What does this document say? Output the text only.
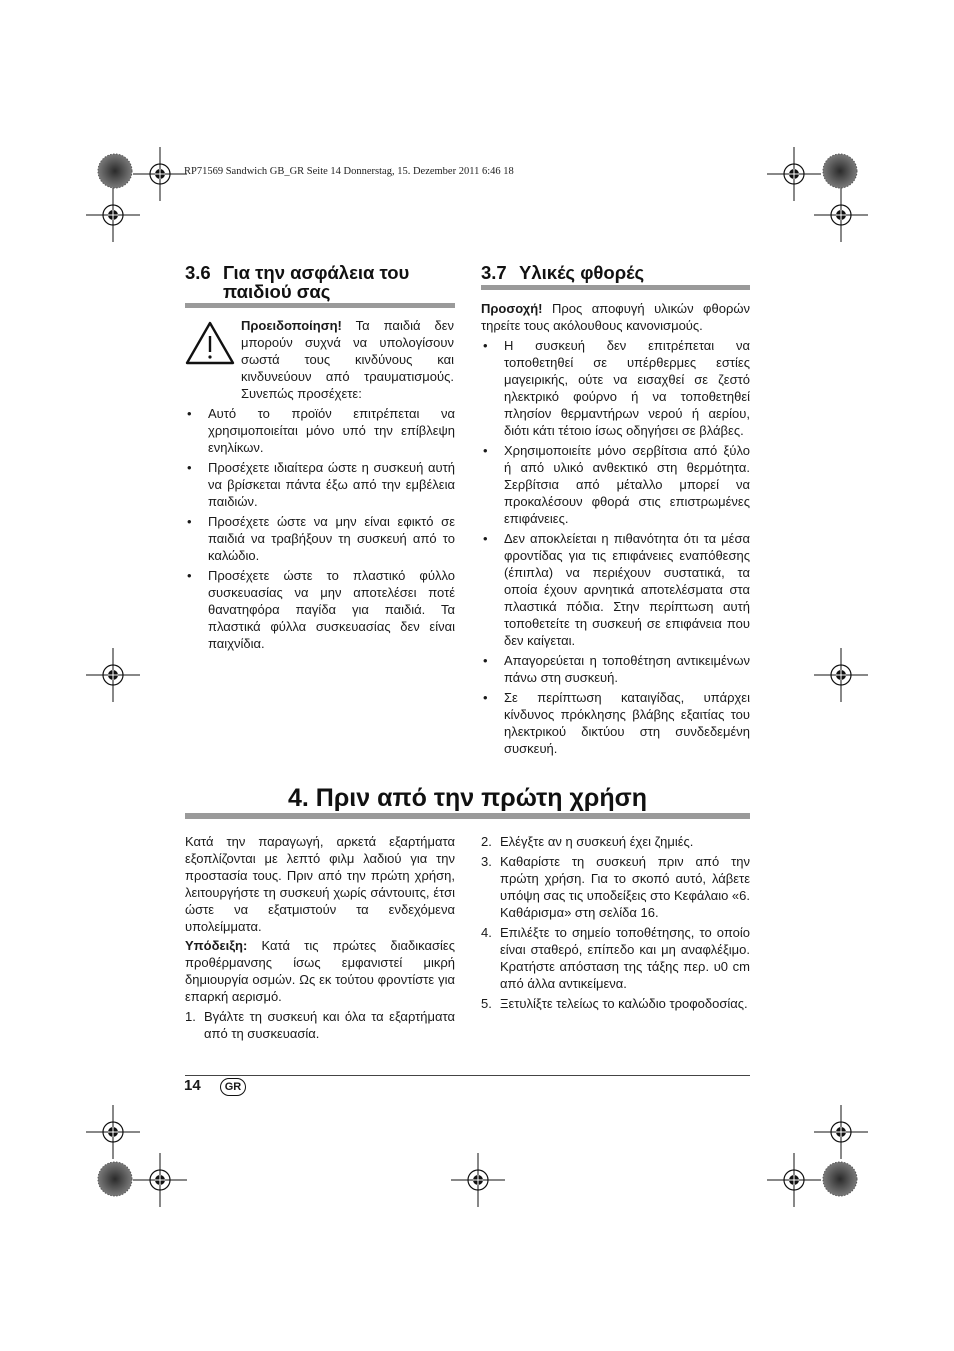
RP71569 Sandwich GB_GR Seite 14 Donnerstag, 15. Dezember 2011 6:46 18
3.6 Για την ασφάλεια του
παιδιού σας

Προειδοποίηση! Τα παιδιά δεν μπορούν συχνά να υπολογίσουν σωστά τους κινδύνους και κινδυνεύουν από τραυματισμούς. Συνεπώς προσέχετε:

• Αυτό το προϊόν επιτρέπεται να χρησιμοποιείται μόνο υπό την επίβλεψη ενηλίκων.
• Προσέχετε ιδιαίτερα ώστε η συσκευή αυτή να βρίσκεται πάντα έξω από την εμβέλεια παιδιών.
• Προσέχετε ώστε να μην είναι εφικτό σε παιδιά να τραβήξουν τη συσκευή από το καλώδιο.
• Προσέχετε ώστε το πλαστικό φύλλο συσκευασίας να μην αποτελέσει ποτέ θανατηφόρα παγίδα για παιδιά. Τα πλαστικά φύλλα συσκευασίας δεν είναι παιχνίδια.
3.7 Υλικές φθορές

Προσοχή! Προς αποφυγή υλικών φθορών τηρείτε τους ακόλουθους κανονισμούς.

• Η συσκευή δεν επιτρέπεται να τοποθετηθεί σε υπέρθερμες εστίες μαγειρικής, ούτε να εισαχθεί σε ζεστό ηλεκτρικό φούρνο ή να τοποθετηθεί πλησίον θερμαντήρων νερού ή αερίου, διότι κάτι τέτοιο ίσως οδηγήσει σε βλάβες.
• Χρησιμοποιείτε μόνο σερβίτσια από ξύλο ή από υλικό ανθεκτικό στη θερμότητα. Σερβίτσια από μέταλλο μπορεί να προκαλέσουν φθορά στις επιστρωμένες επιφάνειες.
• Δεν αποκλείεται η πιθανότητα ότι τα μέσα φροντίδας για τις επιφάνειες εναπόθεσης (έπιπλα) να περιέχουν συστατικά, τα οποία έχουν αρνητικά αποτελέσματα στα πλαστικά πόδια. Στην περίπτωση αυτή τοποθετείτε τη συσκευή σε επιφάνεια που δεν καίγεται.
• Απαγορεύεται η τοποθέτηση αντικειμένων πάνω στη συσκευή.
• Σε περίπτωση καταιγίδας, υπάρχει κίνδυνος πρόκλησης βλάβης εξαιτίας του ηλεκτρικού δικτύου στη συνδεδεμένη συσκευή.
4. Πριν από την πρώτη χρήση

Κατά την παραγωγή, αρκετά εξαρτήματα εξοπλίζονται με λεπτό φιλμ λαδιού για την προστασία τους. Πριν από την πρώτη χρήση, λειτουργήστε τη συσκευή χωρίς σάντουιτς, έτσι ώστε να εξατμιστούν τα ενδεχόμενα υπολείμματα.

Υπόδειξη: Κατά τις πρώτες διαδικασίες προθέρμανσης ίσως εμφανιστεί μικρή δημιουργία οσμών. Ως εκ τούτου φροντίστε για επαρκή αερισμό.

1. Βγάλτε τη συσκευή και όλα τα εξαρτήματα από τη συσκευασία.
2. Ελέγξτε αν η συσκευή έχει ζημιές.
3. Καθαρίστε τη συσκευή πριν από την πρώτη χρήση. Για το σκοπό αυτό, λάβετε υπόψη σας τις υποδείξεις στο Κεφάλαιο «6. Καθάρισμα» στη σελίδα 16.
4. Επιλέξτε το σημείο τοποθέτησης, το οποίο είναι σταθερό, επίπεδο και μη αναφλέξιμο. Κρατήστε απόσταση της τάξης περ. υ0 cm από άλλα αντικείμενα.
5. Ξετυλίξτε τελείως το καλώδιο τροφοδοσίας.
14	GR
